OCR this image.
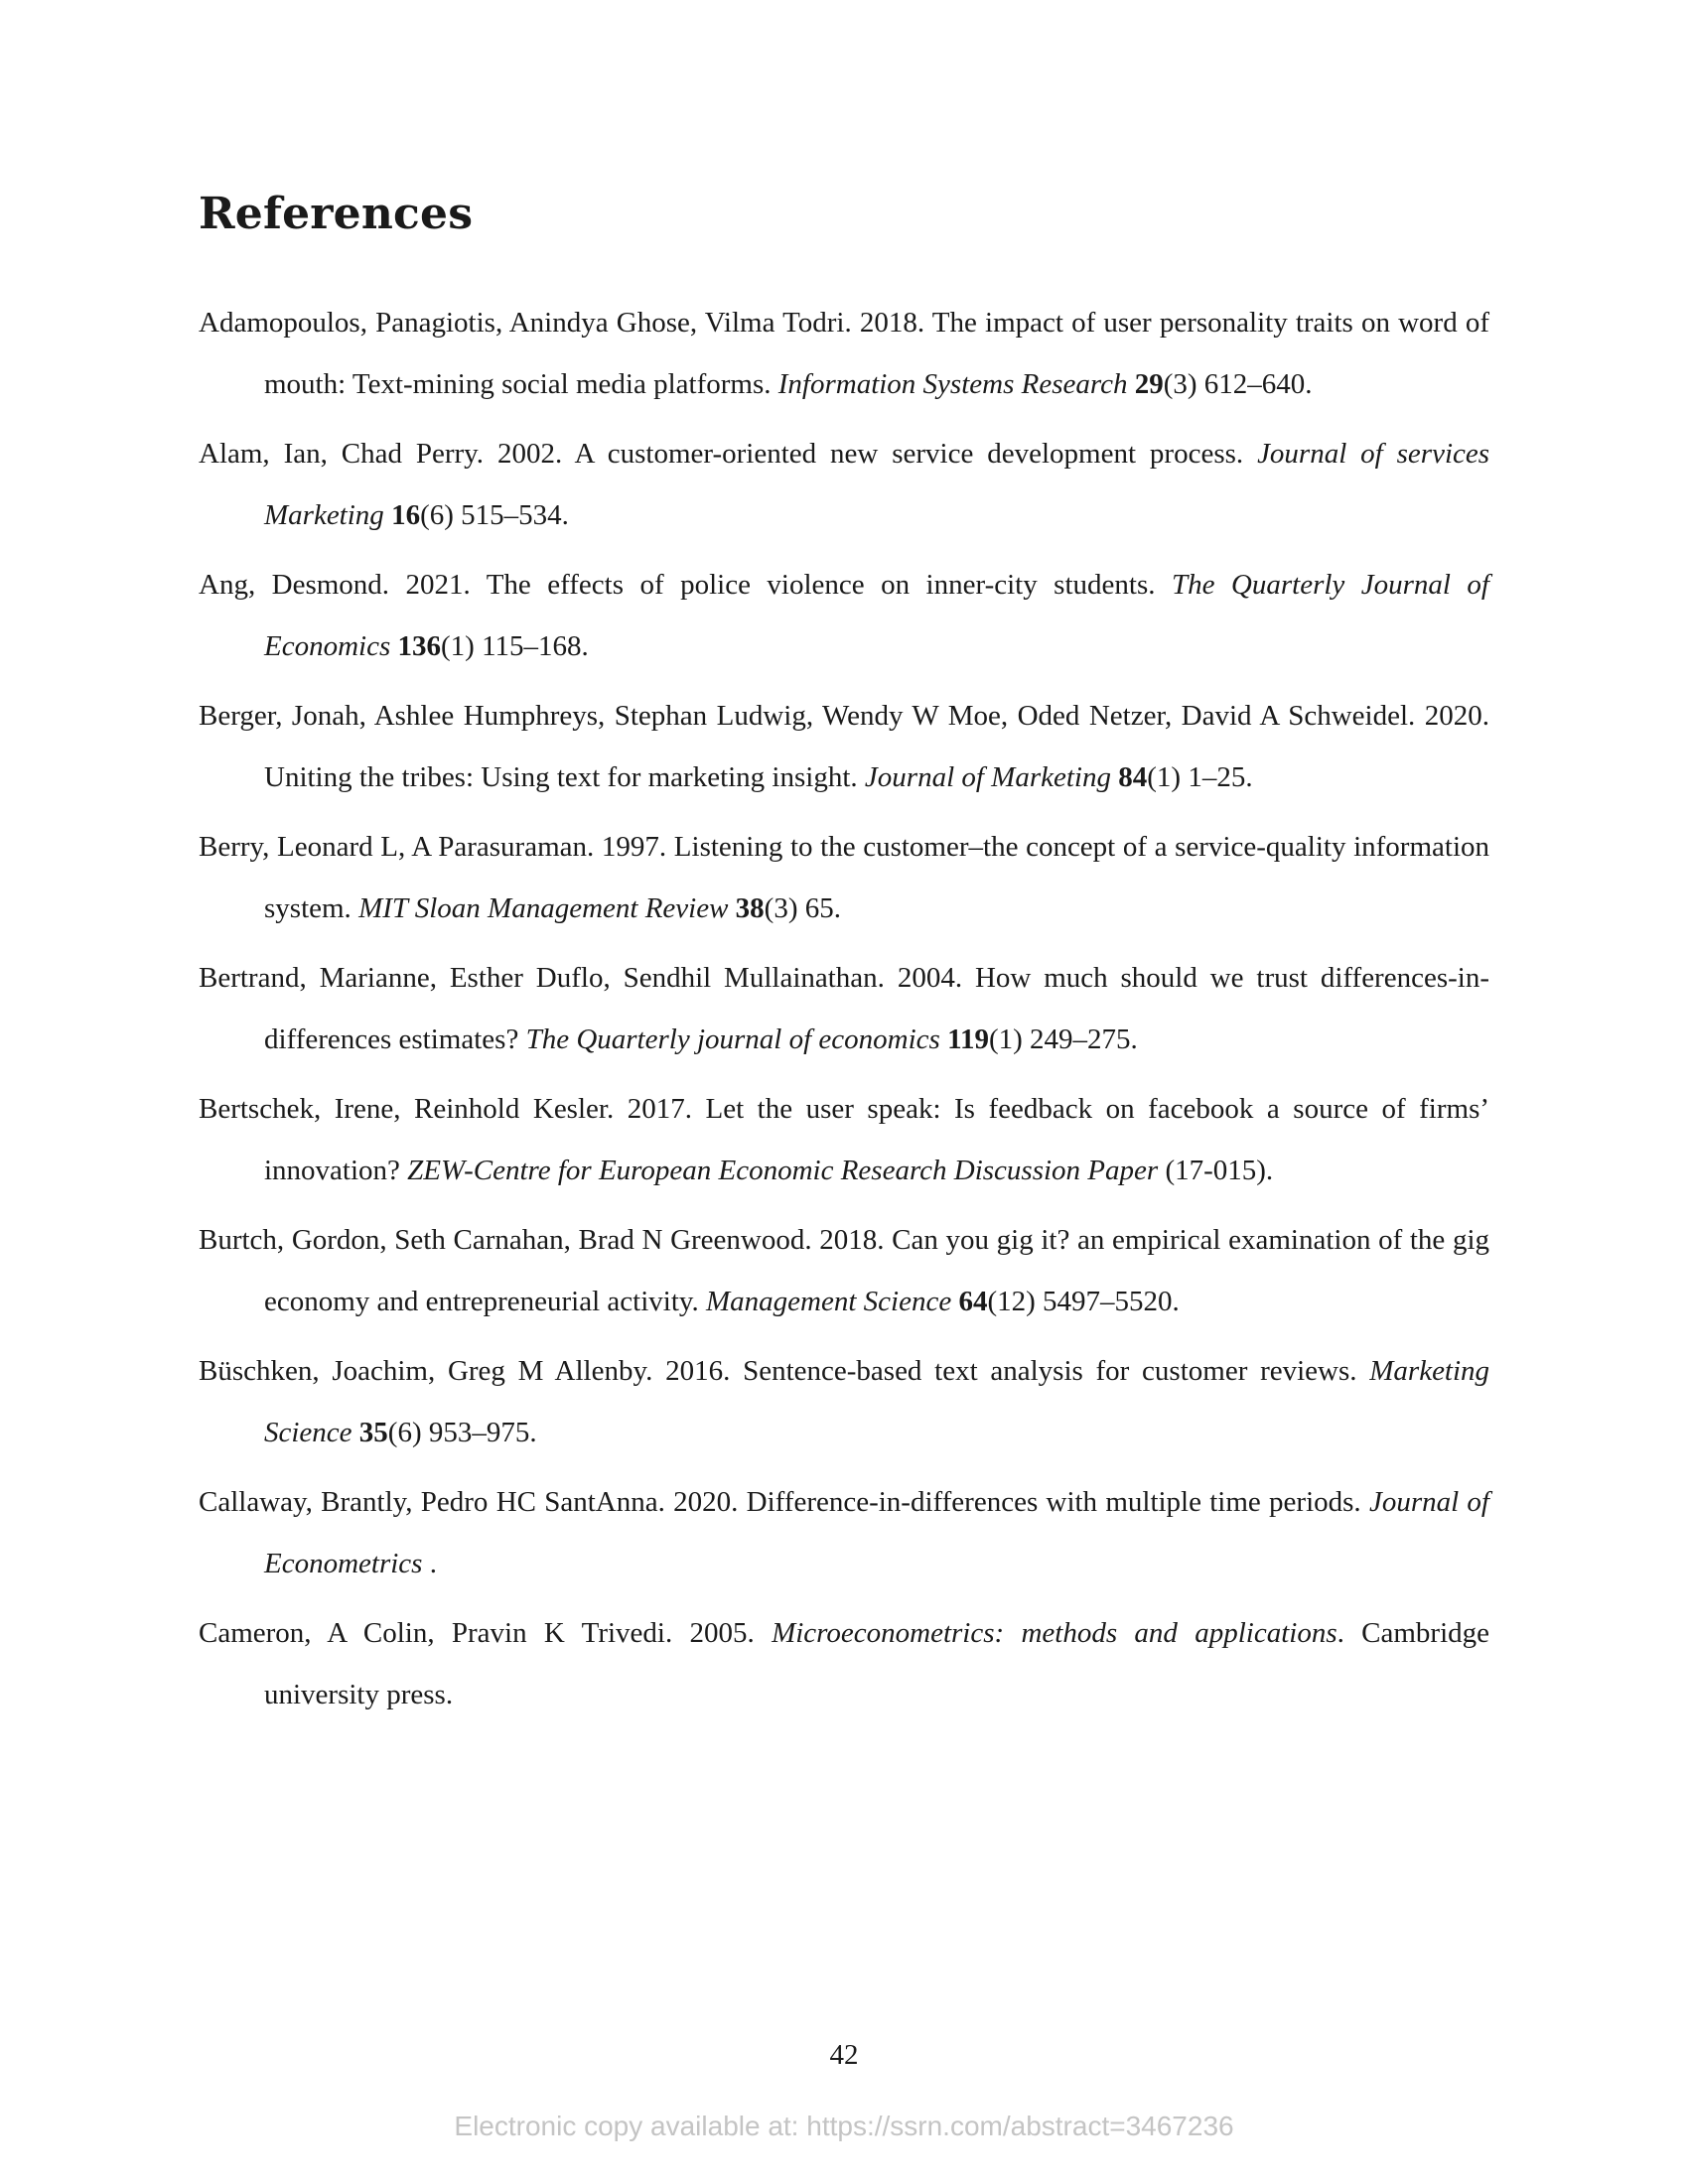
References
Adamopoulos, Panagiotis, Anindya Ghose, Vilma Todri. 2018. The impact of user personality traits on word of mouth: Text-mining social media platforms. Information Systems Research 29(3) 612–640.
Alam, Ian, Chad Perry. 2002. A customer-oriented new service development process. Journal of services Marketing 16(6) 515–534.
Ang, Desmond. 2021. The effects of police violence on inner-city students. The Quarterly Journal of Economics 136(1) 115–168.
Berger, Jonah, Ashlee Humphreys, Stephan Ludwig, Wendy W Moe, Oded Netzer, David A Schweidel. 2020. Uniting the tribes: Using text for marketing insight. Journal of Marketing 84(1) 1–25.
Berry, Leonard L, A Parasuraman. 1997. Listening to the customer–the concept of a service-quality information system. MIT Sloan Management Review 38(3) 65.
Bertrand, Marianne, Esther Duflo, Sendhil Mullainathan. 2004. How much should we trust differences-in-differences estimates? The Quarterly journal of economics 119(1) 249–275.
Bertschek, Irene, Reinhold Kesler. 2017. Let the user speak: Is feedback on facebook a source of firms’ innovation? ZEW-Centre for European Economic Research Discussion Paper (17-015).
Burtch, Gordon, Seth Carnahan, Brad N Greenwood. 2018. Can you gig it? an empirical examination of the gig economy and entrepreneurial activity. Management Science 64(12) 5497–5520.
Büschken, Joachim, Greg M Allenby. 2016. Sentence-based text analysis for customer reviews. Marketing Science 35(6) 953–975.
Callaway, Brantly, Pedro HC SantAnna. 2020. Difference-in-differences with multiple time periods. Journal of Econometrics .
Cameron, A Colin, Pravin K Trivedi. 2005. Microeconometrics: methods and applications. Cambridge university press.
42
Electronic copy available at: https://ssrn.com/abstract=3467236
